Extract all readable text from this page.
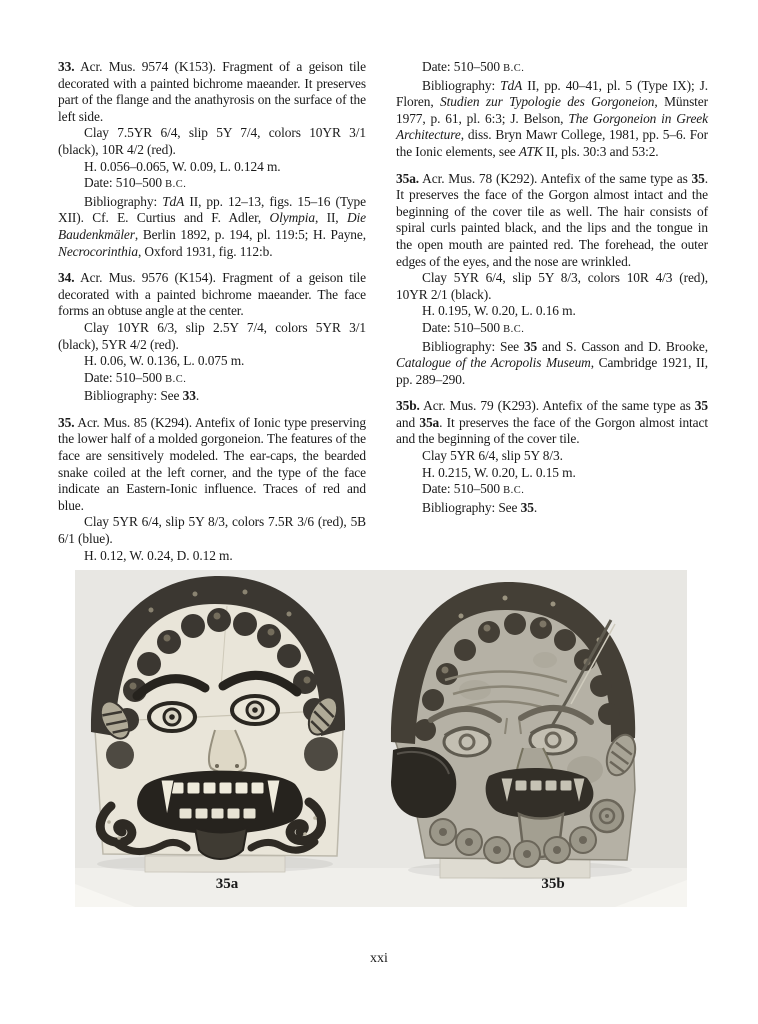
33. Acr. Mus. 9574 (K153). Fragment of a geison tile decorated with a painted bichrome maeander. It preserves part of the flange and the anathyrosis on the surface of the left side.

Clay 7.5YR 6/4, slip 5Y 7/4, colors 10YR 3/1 (black), 10R 4/2 (red).

H. 0.056–0.065, W. 0.09, L. 0.124 m.

Date: 510–500 B.C.

Bibliography: TdA II, pp. 12–13, figs. 15–16 (Type XII). Cf. E. Curtius and F. Adler, Olympia, II, Die Baudenkmäler, Berlin 1892, p. 194, pl. 119:5; H. Payne, Necrocorinthia, Oxford 1931, fig. 112:b.

34. Acr. Mus. 9576 (K154). Fragment of a geison tile decorated with a painted bichrome maeander. The face forms an obtuse angle at the center.

Clay 10YR 6/3, slip 2.5Y 7/4, colors 5YR 3/1 (black), 5YR 4/2 (red).

H. 0.06, W. 0.136, L. 0.075 m.

Date: 510–500 B.C.

Bibliography: See 33.

35. Acr. Mus. 85 (K294). Antefix of Ionic type preserving the lower half of a molded gorgoneion. The features of the face are sensitively modeled. The ear-caps, the bearded snake coiled at the left corner, and the type of the face indicate an Eastern-Ionic influence. Traces of red and blue.

Clay 5YR 6/4, slip 5Y 8/3, colors 7.5R 3/6 (red), 5B 6/1 (blue).

H. 0.12, W. 0.24, D. 0.12 m.

Date: 510–500 B.C.

Bibliography: TdA II, pp. 40–41, pl. 5 (Type IX); J. Floren, Studien zur Typologie des Gorgoneion, Münster 1977, p. 61, pl. 6:3; J. Belson, The Gorgoneion in Greek Architecture, diss. Bryn Mawr College, 1981, pp. 5–6. For the Ionic elements, see ATK II, pls. 30:3 and 53:2.

35a. Acr. Mus. 78 (K292). Antefix of the same type as 35. It preserves the face of the Gorgon almost intact and the beginning of the cover tile as well. The hair consists of spiral curls painted black, and the lips and the tongue in the open mouth are painted red. The forehead, the outer edges of the eyes, and the nose are wrinkled.

Clay 5YR 6/4, slip 5Y 8/3, colors 10R 4/3 (red), 10YR 2/1 (black).

H. 0.195, W. 0.20, L. 0.16 m.

Date: 510–500 B.C.

Bibliography: See 35 and S. Casson and D. Brooke, Catalogue of the Acropolis Museum, Cambridge 1921, II, pp. 289–290.

35b. Acr. Mus. 79 (K293). Antefix of the same type as 35 and 35a. It preserves the face of the Gorgon almost intact and the beginning of the cover tile.

Clay 5YR 6/4, slip 5Y 8/3.

H. 0.215, W. 0.20, L. 0.15 m.

Date: 510–500 B.C.

Bibliography: See 35.

35a	35b
xxi
